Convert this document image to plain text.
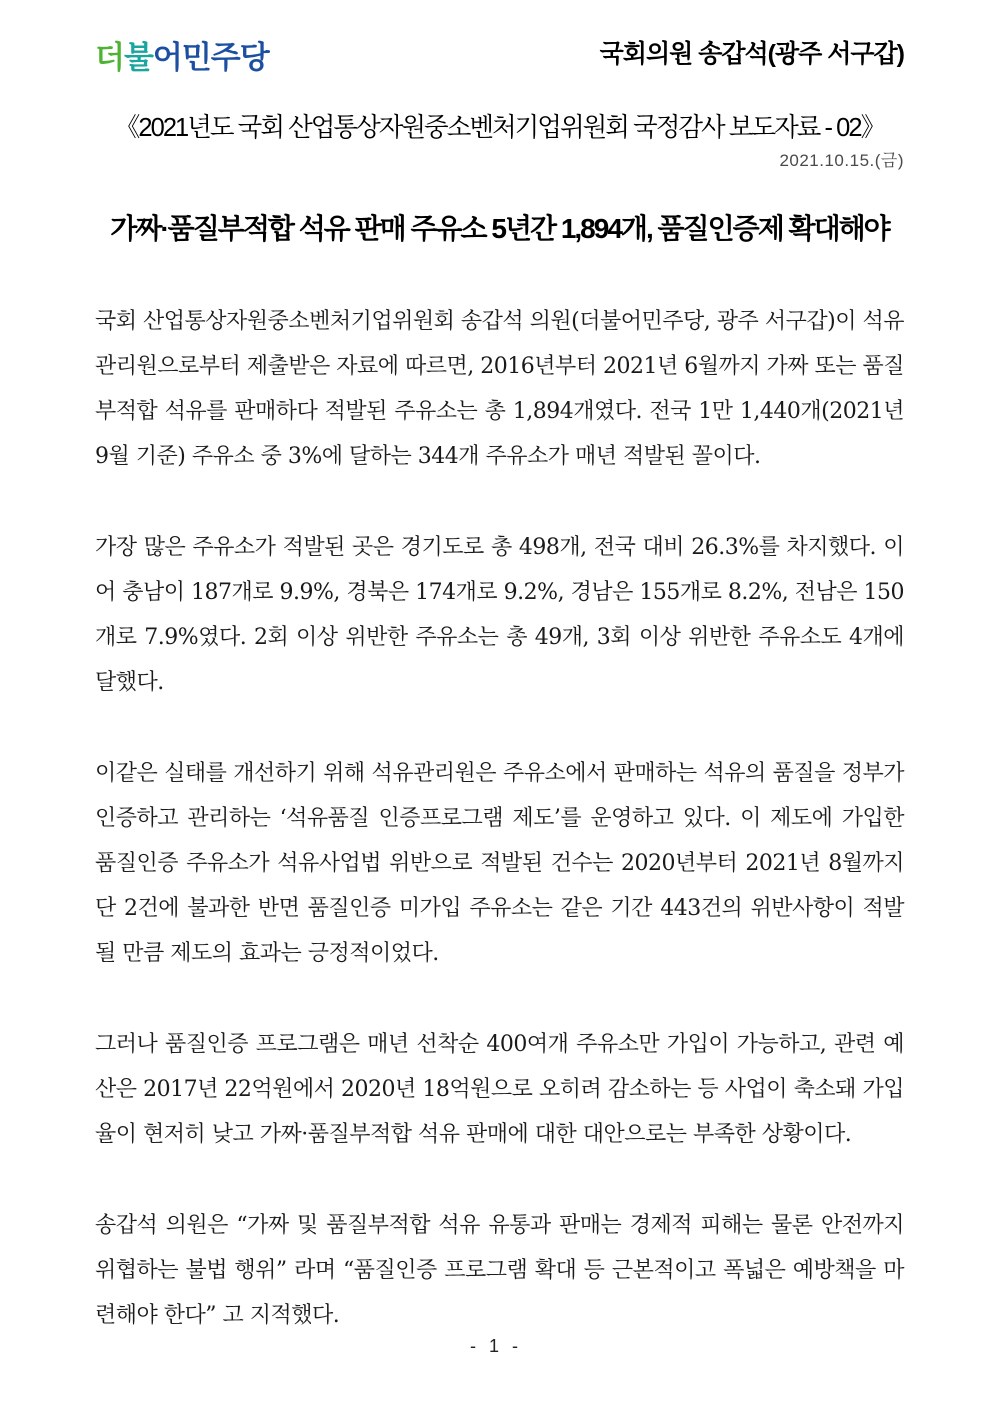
더불어민주당	국회의원 송갑석(광주 서구갑)
《2021년도 국회 산업통상자원중소벤처기업위원회 국정감사 보도자료 - 02》
2021.10.15.(금)
가짜·품질부적합 석유 판매 주유소 5년간 1,894개, 품질인증제 확대해야

국회 산업통상자원중소벤처기업위원회 송갑석 의원(더불어민주당, 광주 서구갑)이 석유관리원으로부터 제출받은 자료에 따르면, 2016년부터 2021년 6월까지 가짜 또는 품질부적합 석유를 판매하다 적발된 주유소는 총 1,894개였다. 전국 1만 1,440개(2021년 9월 기준) 주유소 중 3%에 달하는 344개 주유소가 매년 적발된 꼴이다.

가장 많은 주유소가 적발된 곳은 경기도로 총 498개, 전국 대비 26.3%를 차지했다. 이어 충남이 187개로 9.9%, 경북은 174개로 9.2%, 경남은 155개로 8.2%, 전남은 150개로 7.9%였다. 2회 이상 위반한 주유소는 총 49개, 3회 이상 위반한 주유소도 4개에 달했다.

이같은 실태를 개선하기 위해 석유관리원은 주유소에서 판매하는 석유의 품질을 정부가 인증하고 관리하는 ‘석유품질 인증프로그램 제도’를 운영하고 있다. 이 제도에 가입한 품질인증 주유소가 석유사업법 위반으로 적발된 건수는 2020년부터 2021년 8월까지 단 2건에 불과한 반면 품질인증 미가입 주유소는 같은 기간 443건의 위반사항이 적발될 만큼 제도의 효과는 긍정적이었다.

그러나 품질인증 프로그램은 매년 선착순 400여개 주유소만 가입이 가능하고, 관련 예산은 2017년 22억원에서 2020년 18억원으로 오히려 감소하는 등 사업이 축소돼 가입율이 현저히 낮고 가짜·품질부적합 석유 판매에 대한 대안으로는 부족한 상황이다.

송갑석 의원은 “가짜 및 품질부적합 석유 유통과 판매는 경제적 피해는 물론 안전까지 위협하는 불법 행위” 라며 “품질인증 프로그램 확대 등 근본적이고 폭넓은 예방책을 마련해야 한다” 고 지적했다.

- 1 -
